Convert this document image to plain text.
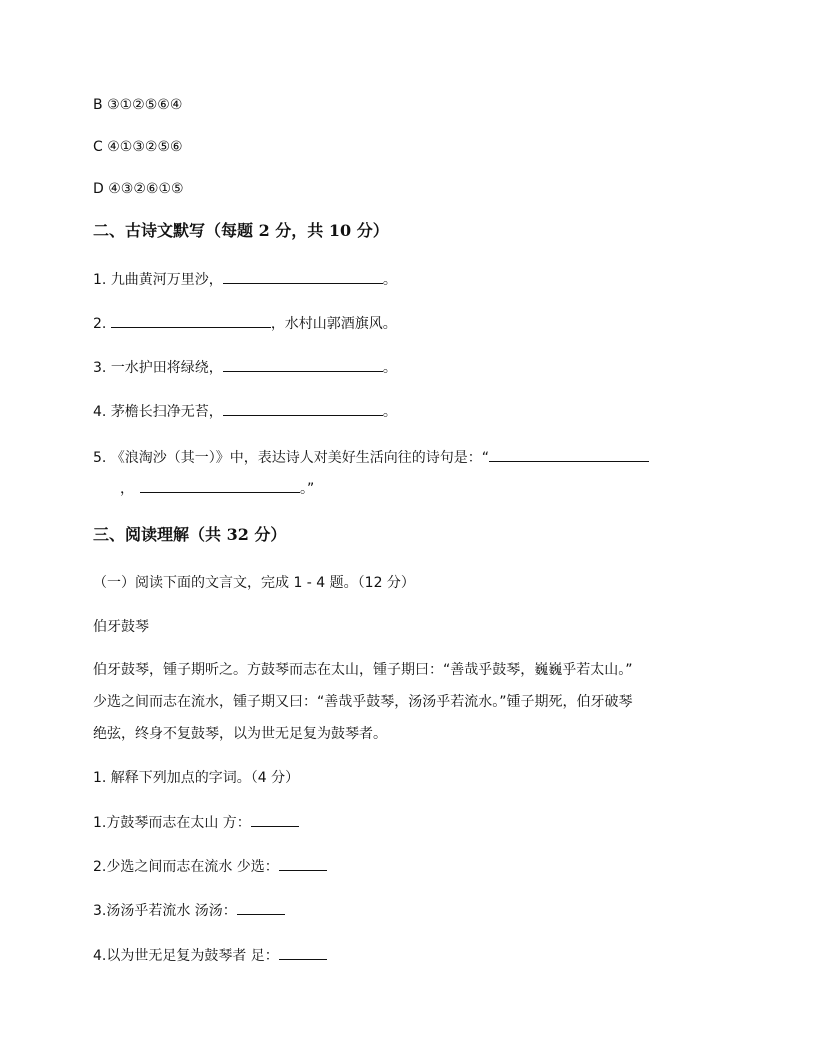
B ③①②⑤⑥④
C ④①③②⑤⑥
D ④③②⑥①⑤
二、古诗文默写（每题 2 分，共 10 分）
1. 九曲黄河万里沙，	。
2.	，水村山郭酒旗风。
3. 一水护田将绿绕，	。
4. 茅檐长扫净无苔，	。
5. 《浪淘沙（其一）》中，表达诗人对美好生活向往的诗句是：“
，	。”
三、阅读理解（共 32 分）
（一）阅读下面的文言文，完成 1 - 4 题。（12 分）
伯牙鼓琴
伯牙鼓琴，锺子期听之。方鼓琴而志在太山，锺子期曰：“善哉乎鼓琴，巍巍乎若太山。”
少选之间而志在流水，锺子期又曰：“善哉乎鼓琴，汤汤乎若流水。”锺子期死，伯牙破琴
绝弦，终身不复鼓琴，以为世无足复为鼓琴者。
1. 解释下列加点的字词。（4 分）
1.方鼓琴而志在太山 方：
2.少选之间而志在流水 少选：
3.汤汤乎若流水 汤汤：
4.以为世无足复为鼓琴者 足：
